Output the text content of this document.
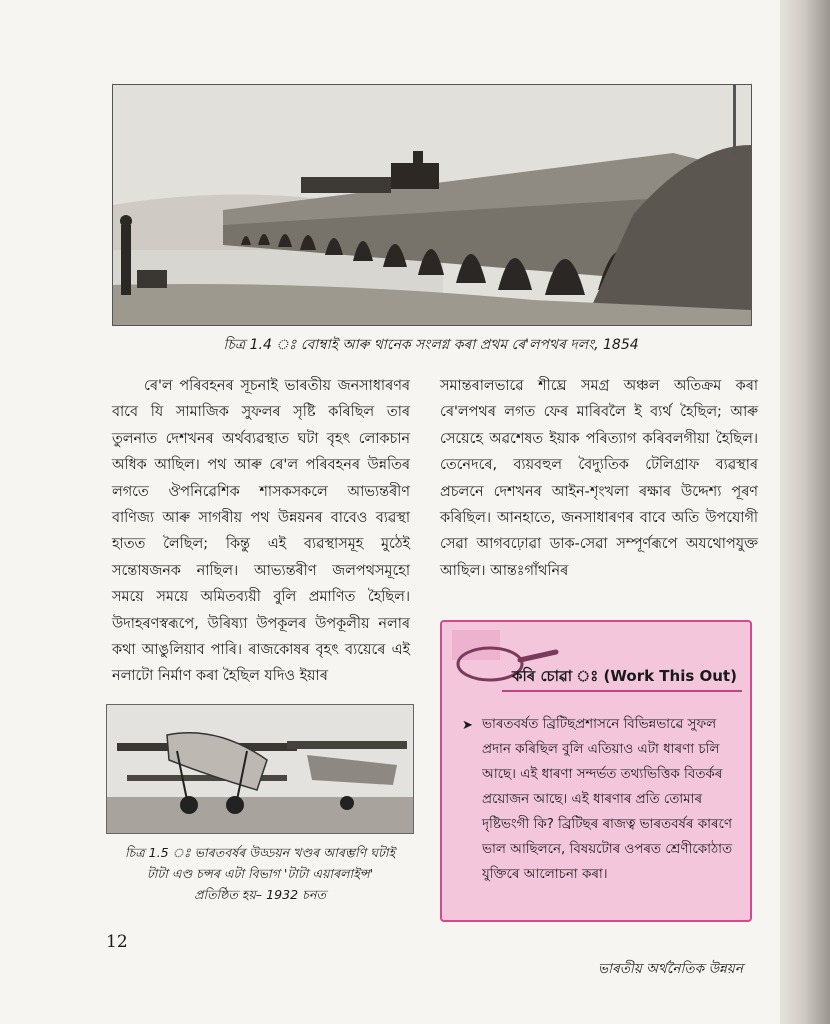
চিত্ৰ 1.4 ঃ বোম্বাই আৰু থানেক সংলগ্ন কৰা প্ৰথম ৰে'লপথৰ দলং, 1854

ৰে'ল পৰিবহনৰ সূচনাই ভাৰতীয় জনসাধাৰণৰ বাবে যি সামাজিক সুফলৰ সৃষ্টি কৰিছিল তাৰ তুলনাত দেশখনৰ অৰ্থব্যৱস্থাত ঘটা বৃহৎ লোকচান অধিক আছিল। পথ আৰু ৰে'ল পৰিবহনৰ উন্নতিৰ লগতে ঔপনিৱেশিক শাসকসকলে আভ্যন্তৰীণ বাণিজ্য আৰু সাগৰীয় পথ উন্নয়নৰ বাবেও ব্যৱস্থা হাতত লৈছিল; কিন্তু এই ব্যৱস্থাসমূহ মুঠেই সন্তোষজনক নাছিল। আভ্যন্তৰীণ জলপথসমূহো সময়ে সময়ে অমিতব্যয়ী বুলি প্ৰমাণিত হৈছিল। উদাহৰণস্বৰূপে, উৰিষ্যা উপকূলৰ উপকূলীয় নলাৰ কথা আঙুলিয়াব পাৰি। ৰাজকোষৰ বৃহৎ ব্যয়েৰে এই নলাটো নিৰ্মাণ কৰা হৈছিল যদিও ইয়াৰ

চিত্ৰ 1.5 ঃ ভাৰতবৰ্ষৰ উড্ডয়ন খণ্ডৰ আৰম্ভণি ঘটাই
টাটা এণ্ড চন্সৰ এটা বিভাগ 'টাটা এয়াৰলাইন্স'
প্ৰতিষ্ঠিত হয়– 1932 চনত

সমান্তৰালভাৱে শীঘ্ৰে সমগ্ৰ অঞ্চল অতিক্ৰম কৰা ৰে'লপথৰ লগত ফেৰ মাৰিবলৈ ই ব্যৰ্থ হৈছিল; আৰু সেয়েহে অৱশেষত ইয়াক পৰিত্যাগ কৰিবলগীয়া হৈছিল। তেনেদৰে, ব্যয়বহুল বৈদ্যুতিক টেলিগ্ৰাফ ব্যৱস্থাৰ প্ৰচলনে দেশখনৰ আইন-শৃংখলা ৰক্ষাৰ উদ্দেশ্য পূৰণ কৰিছিল। আনহাতে, জনসাধাৰণৰ বাবে অতি উপযোগী সেৱা আগবঢ়োৱা ডাক-সেৱা সম্পূৰ্ণৰূপে অযথোপযুক্ত আছিল। আন্তঃগাঁথনিৰ

কৰি চোৱা ঃ (Work This Out)
➤ ভাৰতবৰ্ষত ব্ৰিটিছপ্ৰশাসনে বিভিন্নভাৱে সুফল প্ৰদান কৰিছিল বুলি এতিয়াও এটা ধাৰণা চলি আছে। এই ধাৰণা সন্দৰ্ভত তথ্যভিত্তিক বিতৰ্কৰ প্ৰয়োজন আছে। এই ধাৰণাৰ প্ৰতি তোমাৰ দৃষ্টিভংগী কি? ব্ৰিটিছৰ ৰাজত্ব ভাৰতবৰ্ষৰ কাৰণে ভাল আছিলনে, বিষয়টোৰ ওপৰত শ্ৰেণীকোঠাত যুক্তিৰে আলোচনা কৰা।
12
ভাৰতীয় অৰ্থনৈতিক উন্নয়ন
